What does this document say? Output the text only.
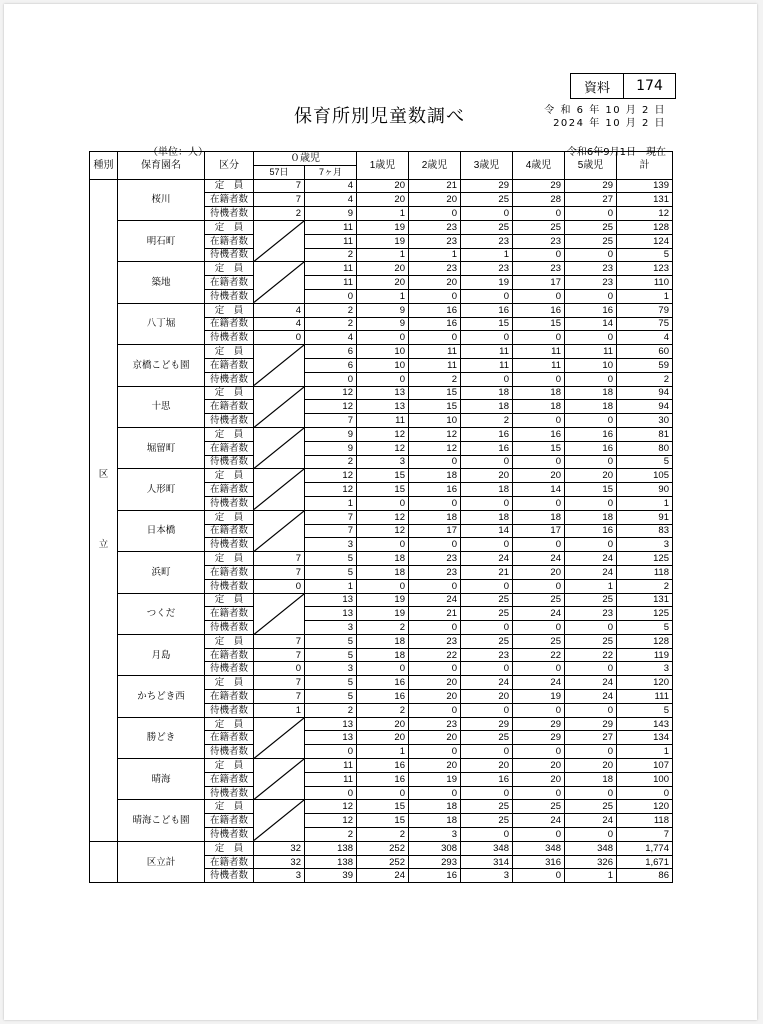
資料	174
令 和 6 年 10 月 2 日
2024 年 10 月 2 日
保育所別児童数調べ
（単位：人）	令和6年9月1日　現在
種別	保育園名	区分	０歳児		1歳児	2歳児	3歳児	4歳児	5歳児	計
			57日	7ヶ月						

区
立	桜川	定　員	7	4	20	21	29	29	29	139
		在籍者数	7	4	20	20	25	28	27	131
		待機者数	2	9	1	0	0	0	0	12
	明石町	定　員		11	19	23	25	25	25	128
		在籍者数		11	19	23	23	23	25	124
		待機者数		2	1	1	1	0	0	5
	築地	定　員		11	20	23	23	23	23	123
		在籍者数		11	20	20	19	17	23	110
		待機者数		0	1	0	0	0	0	1
	八丁堀	定　員	4	2	9	16	16	16	16	79
		在籍者数	4	2	9	16	15	15	14	75
		待機者数	0	4	0	0	0	0	0	4
	京橋こども園	定　員		6	10	11	11	11	11	60
		在籍者数		6	10	11	11	11	10	59
		待機者数		0	0	2	0	0	0	2
	十思	定　員		12	13	15	18	18	18	94
		在籍者数		12	13	15	18	18	18	94
		待機者数		7	11	10	2	0	0	30
	堀留町	定　員		9	12	12	16	16	16	81
		在籍者数		9	12	12	16	15	16	80
		待機者数		2	3	0	0	0	0	5
	人形町	定　員		12	15	18	20	20	20	105
		在籍者数		12	15	16	18	14	15	90
		待機者数		1	0	0	0	0	0	1
	日本橋	定　員		7	12	18	18	18	18	91
		在籍者数		7	12	17	14	17	16	83
		待機者数		3	0	0	0	0	0	3
	浜町	定　員	7	5	18	23	24	24	24	125
		在籍者数	7	5	18	23	21	20	24	118
		待機者数	0	1	0	0	0	0	1	2
	つくだ	定　員		13	19	24	25	25	25	131
		在籍者数		13	19	21	25	24	23	125
		待機者数		3	2	0	0	0	0	5
	月島	定　員	7	5	18	23	25	25	25	128
		在籍者数	7	5	18	22	23	22	22	119
		待機者数	0	3	0	0	0	0	0	3
	かちどき西	定　員	7	5	16	20	24	24	24	120
		在籍者数	7	5	16	20	20	19	24	111
		待機者数	1	2	2	0	0	0	0	5
	勝どき	定　員		13	20	23	29	29	29	143
		在籍者数		13	20	20	25	29	27	134
		待機者数		0	1	0	0	0	0	1
	晴海	定　員		11	16	20	20	20	20	107
		在籍者数		11	16	19	16	20	18	100
		待機者数		0	0	0	0	0	0	0
	晴海こども園	定　員		12	15	18	25	25	25	120
		在籍者数		12	15	18	25	24	24	118
		待機者数		2	2	3	0	0	0	7
	区立計	定　員	32	138	252	308	348	348	348	1,774
		在籍者数	32	138	252	293	314	316	326	1,671
		待機者数	3	39	24	16	3	0	1	86
